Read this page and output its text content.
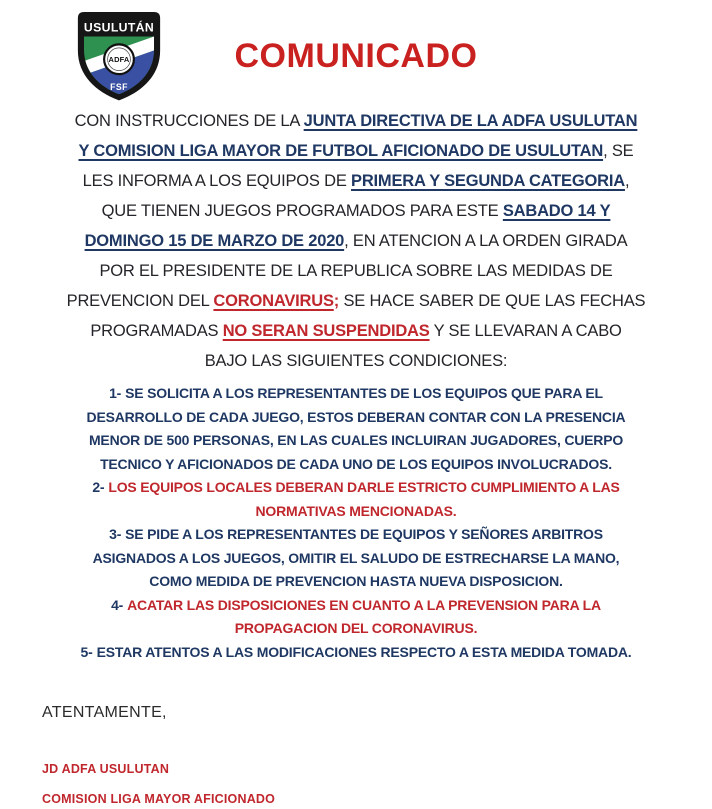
ADFA
USULUTÁN
FSF
COMUNICADO
CON INSTRUCCIONES DE LA JUNTA DIRECTIVA DE LA ADFA USULUTAN
Y COMISION LIGA MAYOR DE FUTBOL AFICIONADO DE USULUTAN, SE
LES INFORMA A LOS EQUIPOS DE PRIMERA Y SEGUNDA CATEGORIA,
QUE TIENEN JUEGOS PROGRAMADOS PARA ESTE SABADO 14 Y
DOMINGO 15 DE MARZO DE 2020, EN ATENCION A LA ORDEN GIRADA
POR EL PRESIDENTE DE LA REPUBLICA SOBRE LAS MEDIDAS DE
PREVENCION DEL CORONAVIRUS; SE HACE SABER DE QUE LAS FECHAS
PROGRAMADAS NO SERAN SUSPENDIDAS Y SE LLEVARAN A CABO
BAJO LAS SIGUIENTES CONDICIONES:
1- SE SOLICITA A LOS REPRESENTANTES DE LOS EQUIPOS QUE PARA EL
DESARROLLO DE CADA JUEGO, ESTOS DEBERAN CONTAR CON LA PRESENCIA
MENOR DE 500 PERSONAS, EN LAS CUALES INCLUIRAN JUGADORES, CUERPO
TECNICO Y AFICIONADOS DE CADA UNO DE LOS EQUIPOS INVOLUCRADOS.
2- LOS EQUIPOS LOCALES DEBERAN DARLE ESTRICTO CUMPLIMIENTO A LAS
NORMATIVAS MENCIONADAS.
3- SE PIDE A LOS REPRESENTANTES DE EQUIPOS Y SEÑORES ARBITROS
ASIGNADOS A LOS JUEGOS, OMITIR EL SALUDO DE ESTRECHARSE LA MANO,
COMO MEDIDA DE PREVENCION HASTA NUEVA DISPOSICION.
4- ACATAR LAS DISPOSICIONES EN CUANTO A LA PREVENSION PARA LA
PROPAGACION DEL CORONAVIRUS.
5- ESTAR ATENTOS A LAS MODIFICACIONES RESPECTO A ESTA MEDIDA TOMADA.
ATENTAMENTE,
JD ADFA USULUTAN
COMISION LIGA MAYOR AFICIONADO
